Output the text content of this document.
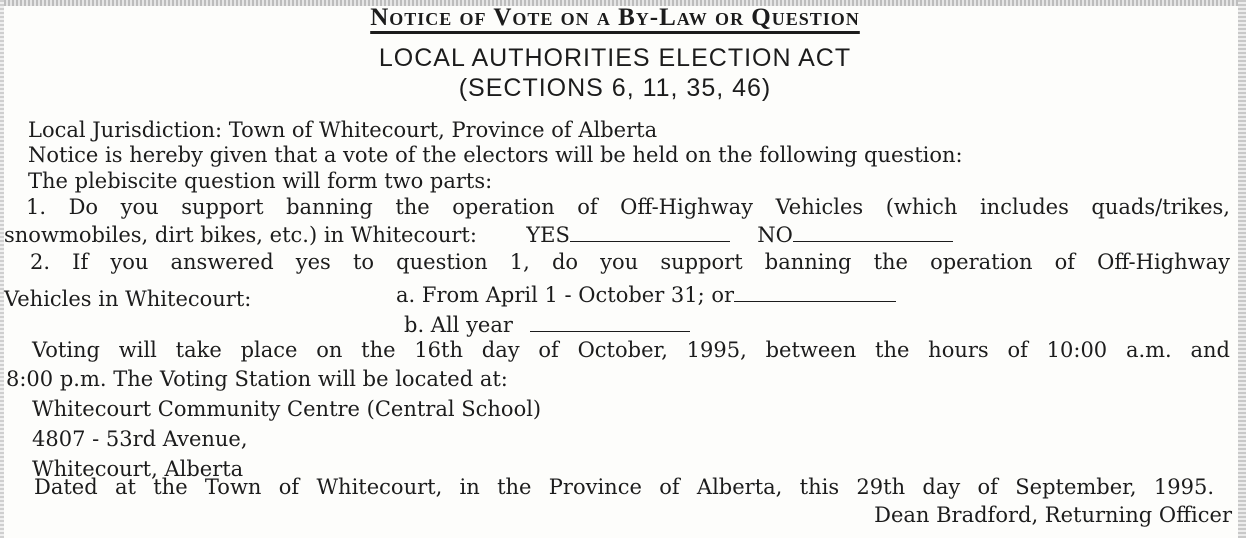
Notice of Vote on a By-Law or Question
LOCAL AUTHORITIES ELECTION ACT
(SECTIONS 6, 11, 35, 46)
Local Jurisdiction: Town of Whitecourt, Province of Alberta
Notice is hereby given that a vote of the electors will be held on the following question:
The plebiscite question will form two parts:
1. Do you support banning the operation of Off-Highway Vehicles (which includes quads/trikes,
snowmobiles, dirt bikes, etc.) in Whitecourt: YES	NO
2. If you answered yes to question 1, do you support banning the operation of Off-Highway
Vehicles in Whitecourt:	a. From April 1 - October 31; or
b. All year
Voting will take place on the 16th day of October, 1995, between the hours of 10:00 a.m. and
8:00 p.m. The Voting Station will be located at:
Whitecourt Community Centre (Central School)
4807 - 53rd Avenue,
Whitecourt, Alberta
Dated at the Town of Whitecourt, in the Province of Alberta, this 29th day of September, 1995.
Dean Bradford, Returning Officer
